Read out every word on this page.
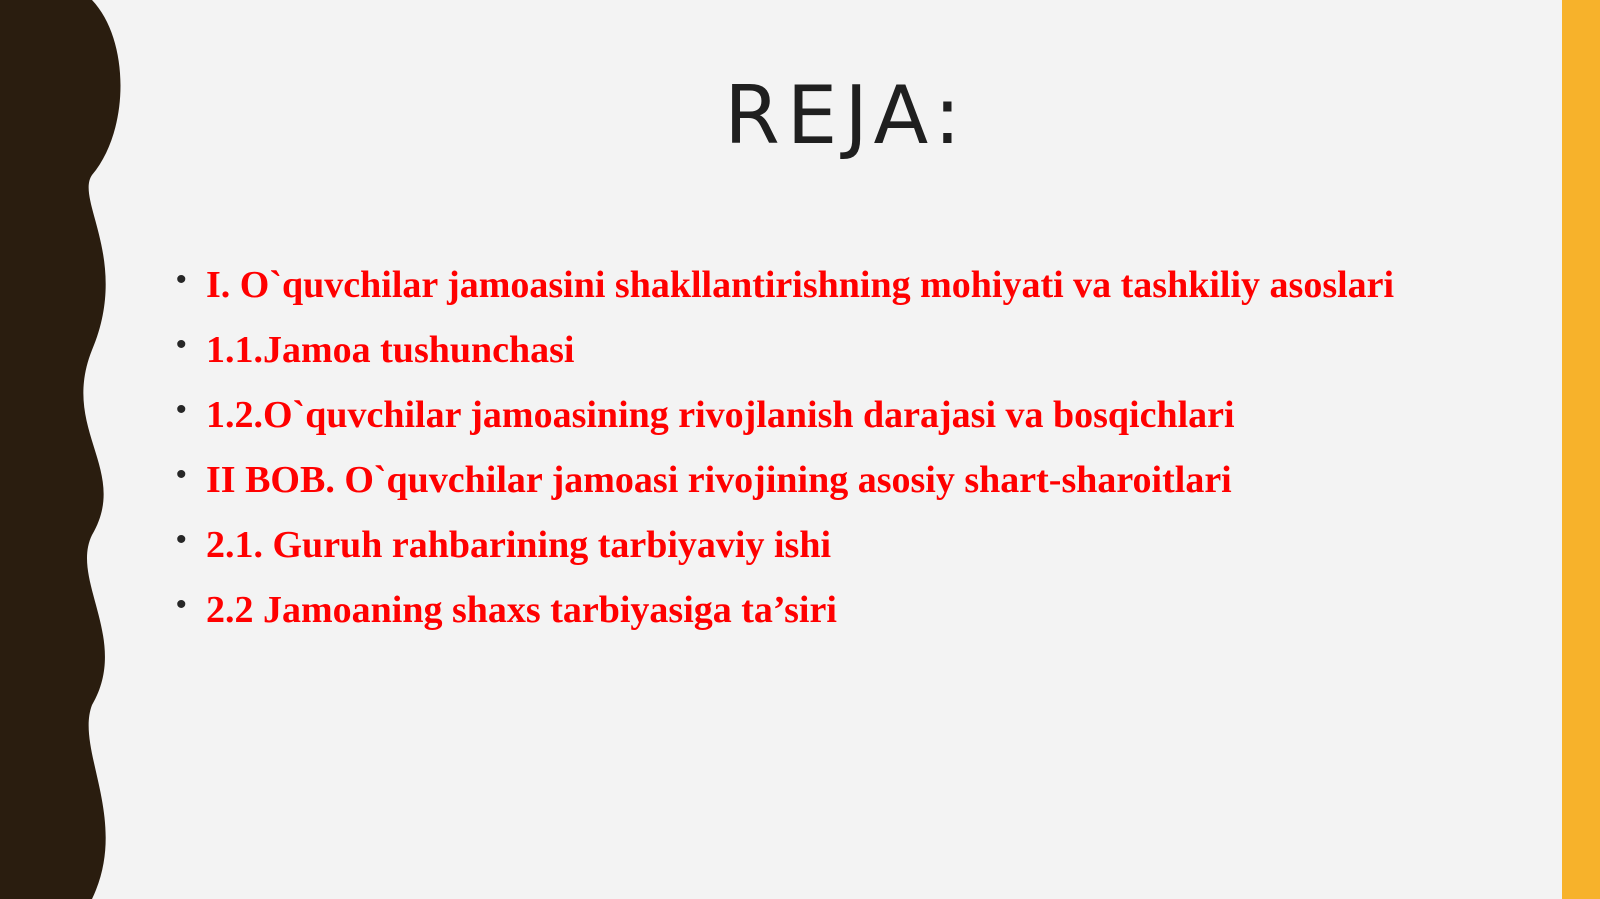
REJA:
• I. O`quvchilar jamoasini shakllantirishning mohiyati va tashkiliy asoslari
• 1.1.Jamoa tushunchasi
• 1.2.O`quvchilar jamoasining rivojlanish darajasi va bosqichlari
• II BOB. O`quvchilar jamoasi rivojining asosiy shart-sharoitlari
• 2.1. Guruh rahbarining tarbiyaviy ishi
• 2.2 Jamoaning shaxs tarbiyasiga ta’siri
